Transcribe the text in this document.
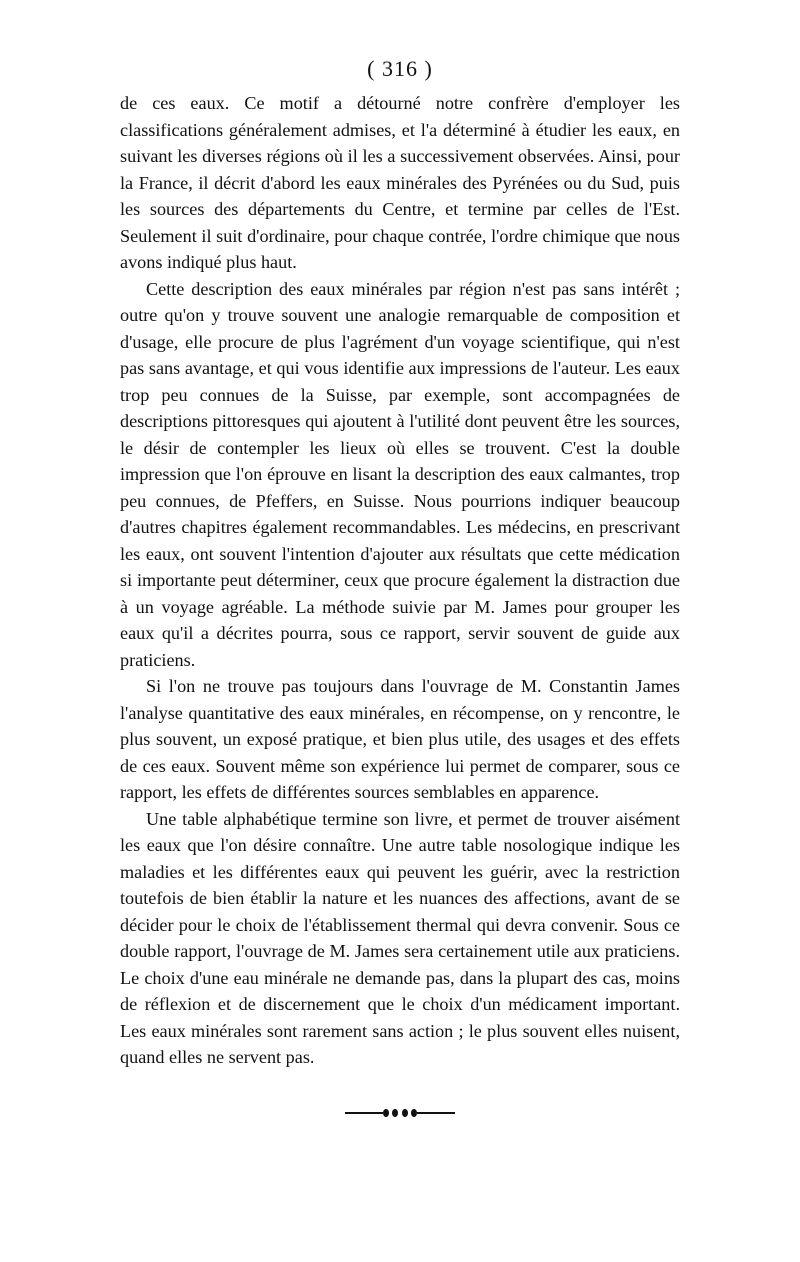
( 316 )

de ces eaux. Ce motif a détourné notre confrère d'employer les classifications généralement admises, et l'a déterminé à étudier les eaux, en suivant les diverses régions où il les a successivement observées. Ainsi, pour la France, il décrit d'abord les eaux minérales des Pyrénées ou du Sud, puis les sources des départements du Centre, et termine par celles de l'Est. Seulement il suit d'ordinaire, pour chaque contrée, l'ordre chimique que nous avons indiqué plus haut.

Cette description des eaux minérales par région n'est pas sans intérêt ; outre qu'on y trouve souvent une analogie remarquable de composition et d'usage, elle procure de plus l'agrément d'un voyage scientifique, qui n'est pas sans avantage, et qui vous identifie aux impressions de l'auteur. Les eaux trop peu connues de la Suisse, par exemple, sont accompagnées de descriptions pittoresques qui ajoutent à l'utilité dont peuvent être les sources, le désir de contempler les lieux où elles se trouvent. C'est la double impression que l'on éprouve en lisant la description des eaux calmantes, trop peu connues, de Pfeffers, en Suisse. Nous pourrions indiquer beaucoup d'autres chapitres également recommandables. Les médecins, en prescrivant les eaux, ont souvent l'intention d'ajouter aux résultats que cette médication si importante peut déterminer, ceux que procure également la distraction due à un voyage agréable. La méthode suivie par M. James pour grouper les eaux qu'il a décrites pourra, sous ce rapport, servir souvent de guide aux praticiens.

Si l'on ne trouve pas toujours dans l'ouvrage de M. Constantin James l'analyse quantitative des eaux minérales, en récompense, on y rencontre, le plus souvent, un exposé pratique, et bien plus utile, des usages et des effets de ces eaux. Souvent même son expérience lui permet de comparer, sous ce rapport, les effets de différentes sources semblables en apparence.

Une table alphabétique termine son livre, et permet de trouver aisément les eaux que l'on désire connaître. Une autre table nosologique indique les maladies et les différentes eaux qui peuvent les guérir, avec la restriction toutefois de bien établir la nature et les nuances des affections, avant de se décider pour le choix de l'établissement thermal qui devra convenir. Sous ce double rapport, l'ouvrage de M. James sera certainement utile aux praticiens. Le choix d'une eau minérale ne demande pas, dans la plupart des cas, moins de réflexion et de discernement que le choix d'un médicament important. Les eaux minérales sont rarement sans action ; le plus souvent elles nuisent, quand elles ne servent pas.
